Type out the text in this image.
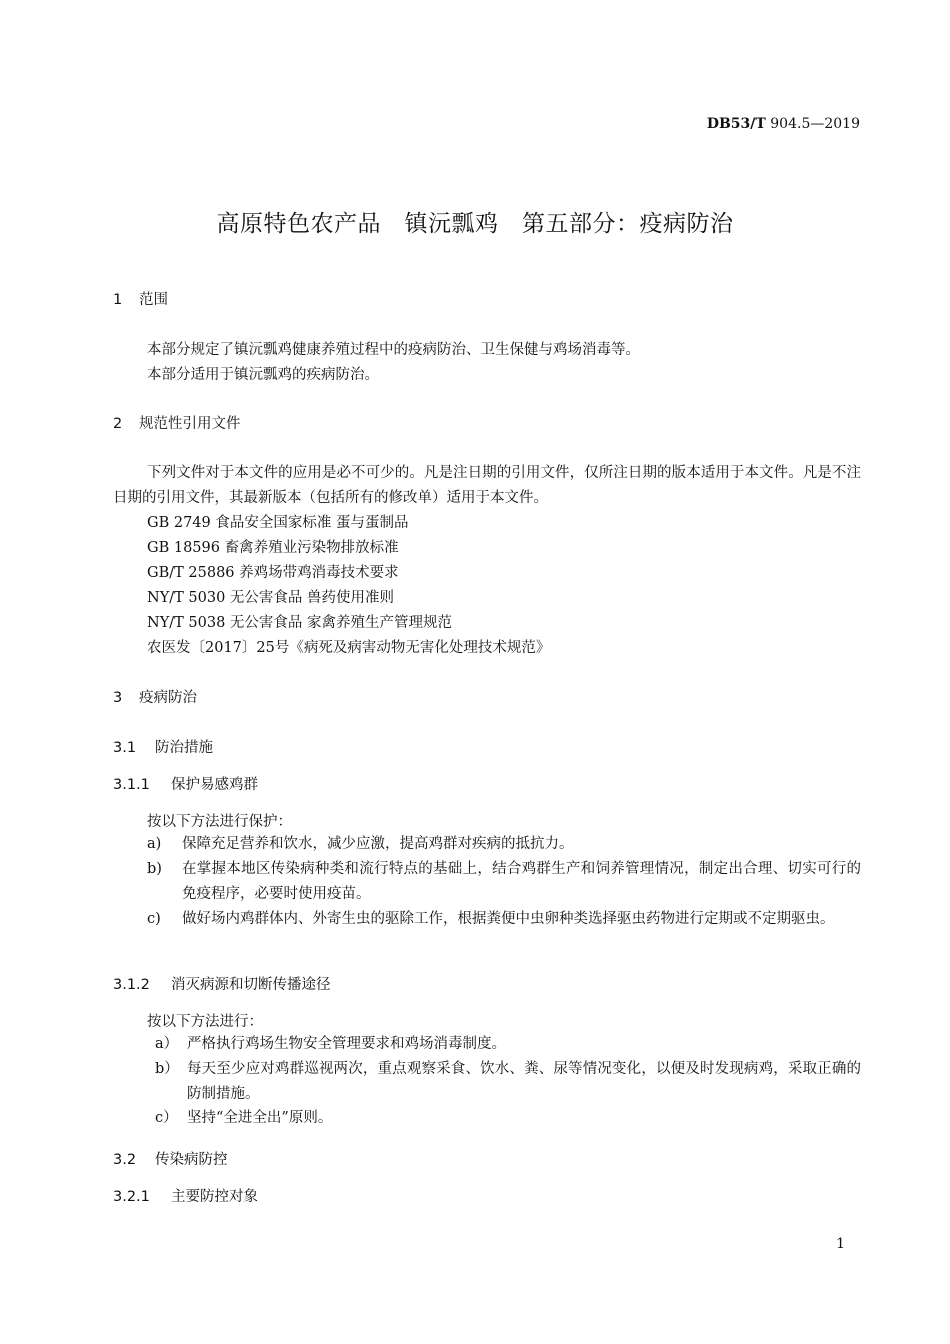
DB53/T 904.5—2019
高原特色农产品　镇沅瓢鸡　第五部分：疫病防治
1 范围
本部分规定了镇沅瓢鸡健康养殖过程中的疫病防治、卫生保健与鸡场消毒等。
本部分适用于镇沅瓢鸡的疾病防治。
2 规范性引用文件
下列文件对于本文件的应用是必不可少的。凡是注日期的引用文件，仅所注日期的版本适用于本文件。凡是不注日期的引用文件，其最新版本（包括所有的修改单）适用于本文件。
GB 2749 食品安全国家标准 蛋与蛋制品
GB 18596 畜禽养殖业污染物排放标准
GB/T 25886 养鸡场带鸡消毒技术要求
NY/T 5030 无公害食品 兽药使用准则
NY/T 5038 无公害食品 家禽养殖生产管理规范
农医发〔2017〕25号《病死及病害动物无害化处理技术规范》
3 疫病防治
3.1 防治措施
3.1.1 保护易感鸡群
按以下方法进行保护：
a) 保障充足营养和饮水，减少应激，提高鸡群对疾病的抵抗力。
b) 在掌握本地区传染病种类和流行特点的基础上，结合鸡群生产和饲养管理情况，制定出合理、切实可行的免疫程序，必要时使用疫苗。
c) 做好场内鸡群体内、外寄生虫的驱除工作，根据粪便中虫卵种类选择驱虫药物进行定期或不定期驱虫。
3.1.2 消灭病源和切断传播途径
按以下方法进行：
a） 严格执行鸡场生物安全管理要求和鸡场消毒制度。
b） 每天至少应对鸡群巡视两次，重点观察采食、饮水、粪、尿等情况变化，以便及时发现病鸡，采取正确的防制措施。
c） 坚持“全进全出”原则。
3.2 传染病防控
3.2.1 主要防控对象
1
